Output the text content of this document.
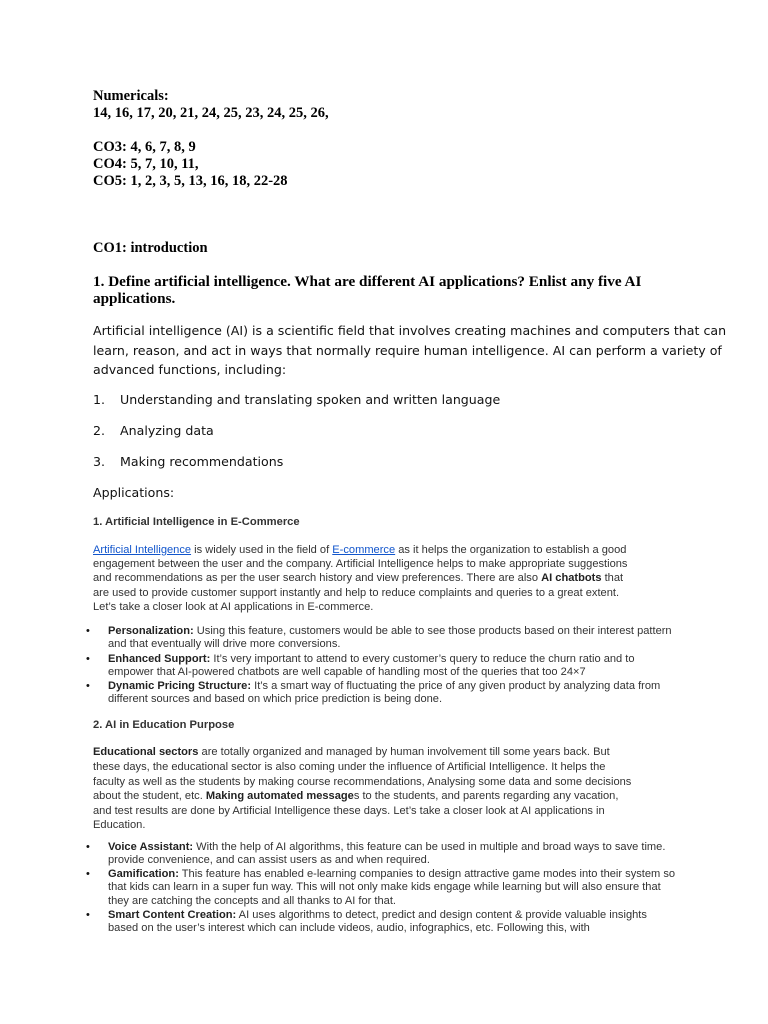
Numericals:
14, 16, 17, 20, 21, 24, 25, 23, 24, 25, 26,
CO3: 4, 6, 7, 8, 9
CO4: 5, 7, 10, 11,
CO5: 1, 2, 3, 5, 13, 16, 18, 22-28
CO1: introduction
1. Define artificial intelligence. What are different AI applications? Enlist any five AI
applications.
Artificial intelligence (AI) is a scientific field that involves creating machines and computers that can
learn, reason, and act in ways that normally require human intelligence. AI can perform a variety of
advanced functions, including:
1. Understanding and translating spoken and written language
2. Analyzing data
3. Making recommendations
Applications:
1. Artificial Intelligence in E-Commerce
Artificial Intelligence is widely used in the field of E-commerce as it helps the organization to establish a good
engagement between the user and the company. Artificial Intelligence helps to make appropriate suggestions
and recommendations as per the user search history and view preferences. There are also AI chatbots that
are used to provide customer support instantly and help to reduce complaints and queries to a great extent.
Let’s take a closer look at AI applications in E-commerce.
• Personalization: Using this feature, customers would be able to see those products based on their interest pattern and that eventually will drive more conversions.
• Enhanced Support: It’s very important to attend to every customer’s query to reduce the churn ratio and to empower that AI-powered chatbots are well capable of handling most of the queries that too 24×7
• Dynamic Pricing Structure: It’s a smart way of fluctuating the price of any given product by analyzing data from different sources and based on which price prediction is being done.
2. AI in Education Purpose
Educational sectors are totally organized and managed by human involvement till some years back. But
these days, the educational sector is also coming under the influence of Artificial Intelligence. It helps the
faculty as well as the students by making course recommendations, Analysing some data and some decisions
about the student, etc. Making automated messages to the students, and parents regarding any vacation,
and test results are done by Artificial Intelligence these days. Let’s take a closer look at AI applications in
Education.
• Voice Assistant: With the help of AI algorithms, this feature can be used in multiple and broad ways to save time. provide convenience, and can assist users as and when required.
• Gamification: This feature has enabled e-learning companies to design attractive game modes into their system so that kids can learn in a super fun way. This will not only make kids engage while learning but will also ensure that they are catching the concepts and all thanks to AI for that.
• Smart Content Creation: AI uses algorithms to detect, predict and design content & provide valuable insights based on the user’s interest which can include videos, audio, infographics, etc. Following this, with
